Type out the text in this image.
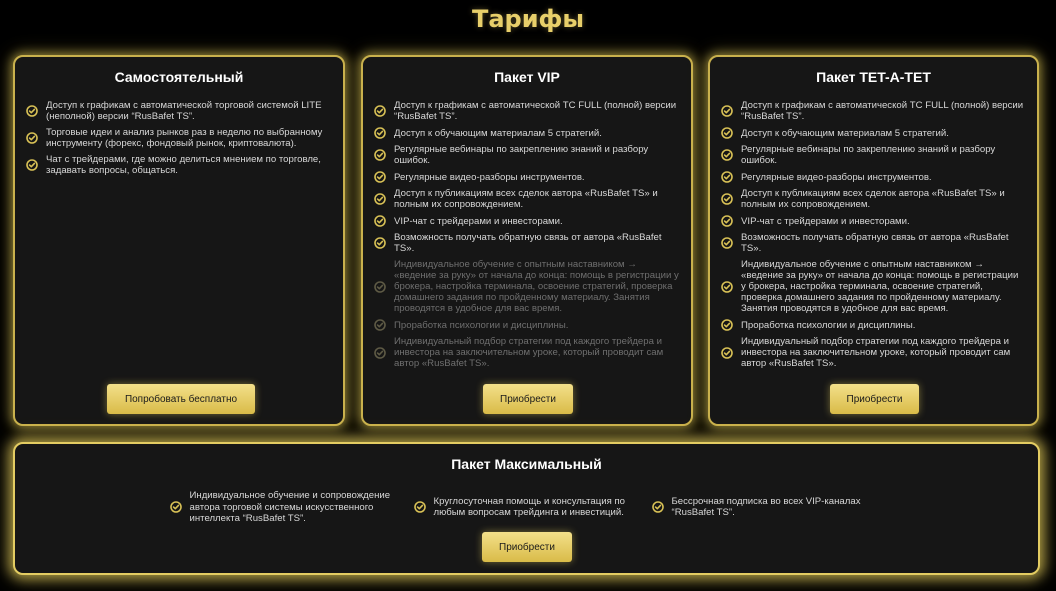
Тарифы
Самостоятельный
Доступ к графикам с автоматической торговой системой LITE (неполной) версии “RusBafet TS”.
Торговые идеи и анализ рынков раз в неделю по выбранному инструменту (форекс, фондовый рынок, криптовалюта).
Чат с трейдерами, где можно делиться мнением по торговле, задавать вопросы, общаться.
Попробовать бесплатно
Пакет VIP
Доступ к графикам с автоматической ТС FULL (полной) версии “RusBafet TS”.
Доступ к обучающим материалам 5 стратегий.
Регулярные вебинары по закреплению знаний и разбору ошибок.
Регулярные видео-разборы инструментов.
Доступ к публикациям всех сделок автора «RusBafet TS» и полным их сопровождением.
VIP-чат с трейдерами и инвесторами.
Возможность получать обратную связь от автора «RusBafet TS».
Индивидуальное обучение с опытным наставником → «ведение за руку» от начала до конца: помощь в регистрации у брокера, настройка терминала, освоение стратегий, проверка домашнего задания по пройденному материалу. Занятия проводятся в удобное для вас время.
Проработка психологии и дисциплины.
Индивидуальный подбор стратегии под каждого трейдера и инвестора на заключительном уроке, который проводит сам автор «RusBafet TS».
Приобрести
Пакет TET-A-TET
Доступ к графикам с автоматической ТС FULL (полной) версии “RusBafet TS”.
Доступ к обучающим материалам 5 стратегий.
Регулярные вебинары по закреплению знаний и разбору ошибок.
Регулярные видео-разборы инструментов.
Доступ к публикациям всех сделок автора «RusBafet TS» и полным их сопровождением.
VIP-чат с трейдерами и инвесторами.
Возможность получать обратную связь от автора «RusBafet TS».
Индивидуальное обучение с опытным наставником → «ведение за руку» от начала до конца: помощь в регистрации у брокера, настройка терминала, освоение стратегий, проверка домашнего задания по пройденному материалу. Занятия проводятся в удобное для вас время.
Проработка психологии и дисциплины.
Индивидуальный подбор стратегии под каждого трейдера и инвестора на заключительном уроке, который проводит сам автор «RusBafet TS».
Приобрести
Пакет Максимальный
Индивидуальное обучение и сопровождение автора торговой системы искусственного интеллекта “RusBafet TS”.
Круглосуточная помощь и консультация по любым вопросам трейдинга и инвестиций.
Бессрочная подписка во всех VIP-каналах “RusBafet TS”.
Приобрести
